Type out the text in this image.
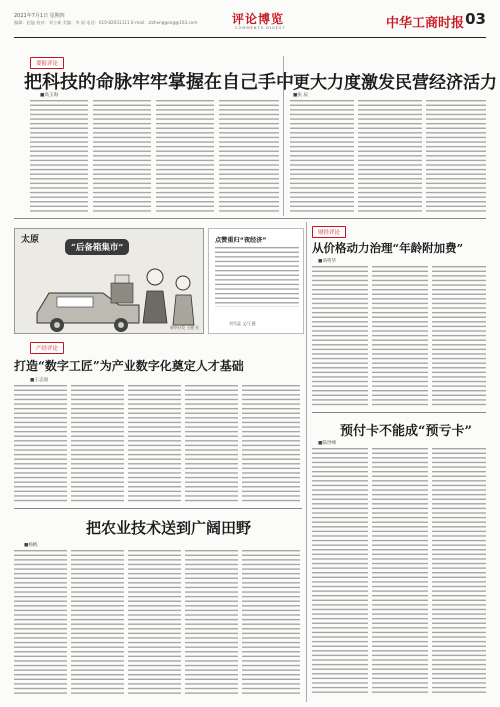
2021年7月1日 星期四
编辑：赵迪 校对：刘立新 美编：李 丽 电话：010-82031111 E-mail：zlzhenggong@163.com	评论博览
COMMENTS DIGEST	中华工商时报 03
要报评论
把科技的命脉牢牢掌握在自己手中
■高玉海
更大力度激发民营经济活力
■张 辰
太原
“后备箱集市”
新华社发 王健 作
点赞重归“夜经济”
刘雪蕊 文/王健
财经评论
从价格动力治理“年龄附加费”
■刘英华
产经评论
打造“数字工匠”为产业数字化奠定人才基础
■王志国
预付卡不能成“预亏卡”
■陈世峰
把农业技术送到广阔田野
■杨帆
